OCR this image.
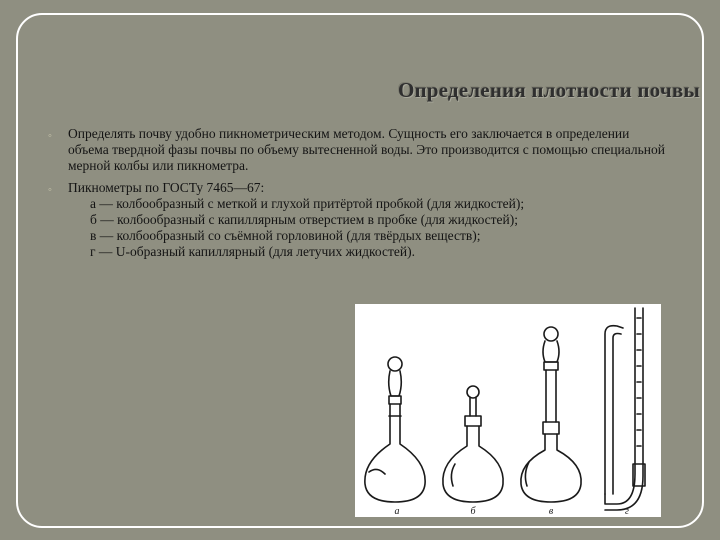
Определения плотности почвы
◦ Определять почву удобно пикнометрическим методом. Сущность его заключается в определении объема твердной фазы почвы по объему вытесненной воды. Это производится с помощью специальной мерной колбы или пикнометра.
◦ Пикнометры по ГОСТу 7465—67:
а — колбообразный с меткой и глухой притёртой пробкой (для жидкостей);
б — колбообразный с капиллярным отверстием в пробке (для жидкостей);
в — колбообразный со съёмной горловиной (для твёрдых веществ);
г — U-образный капиллярный (для летучих жидкостей).
а	б	в	г
